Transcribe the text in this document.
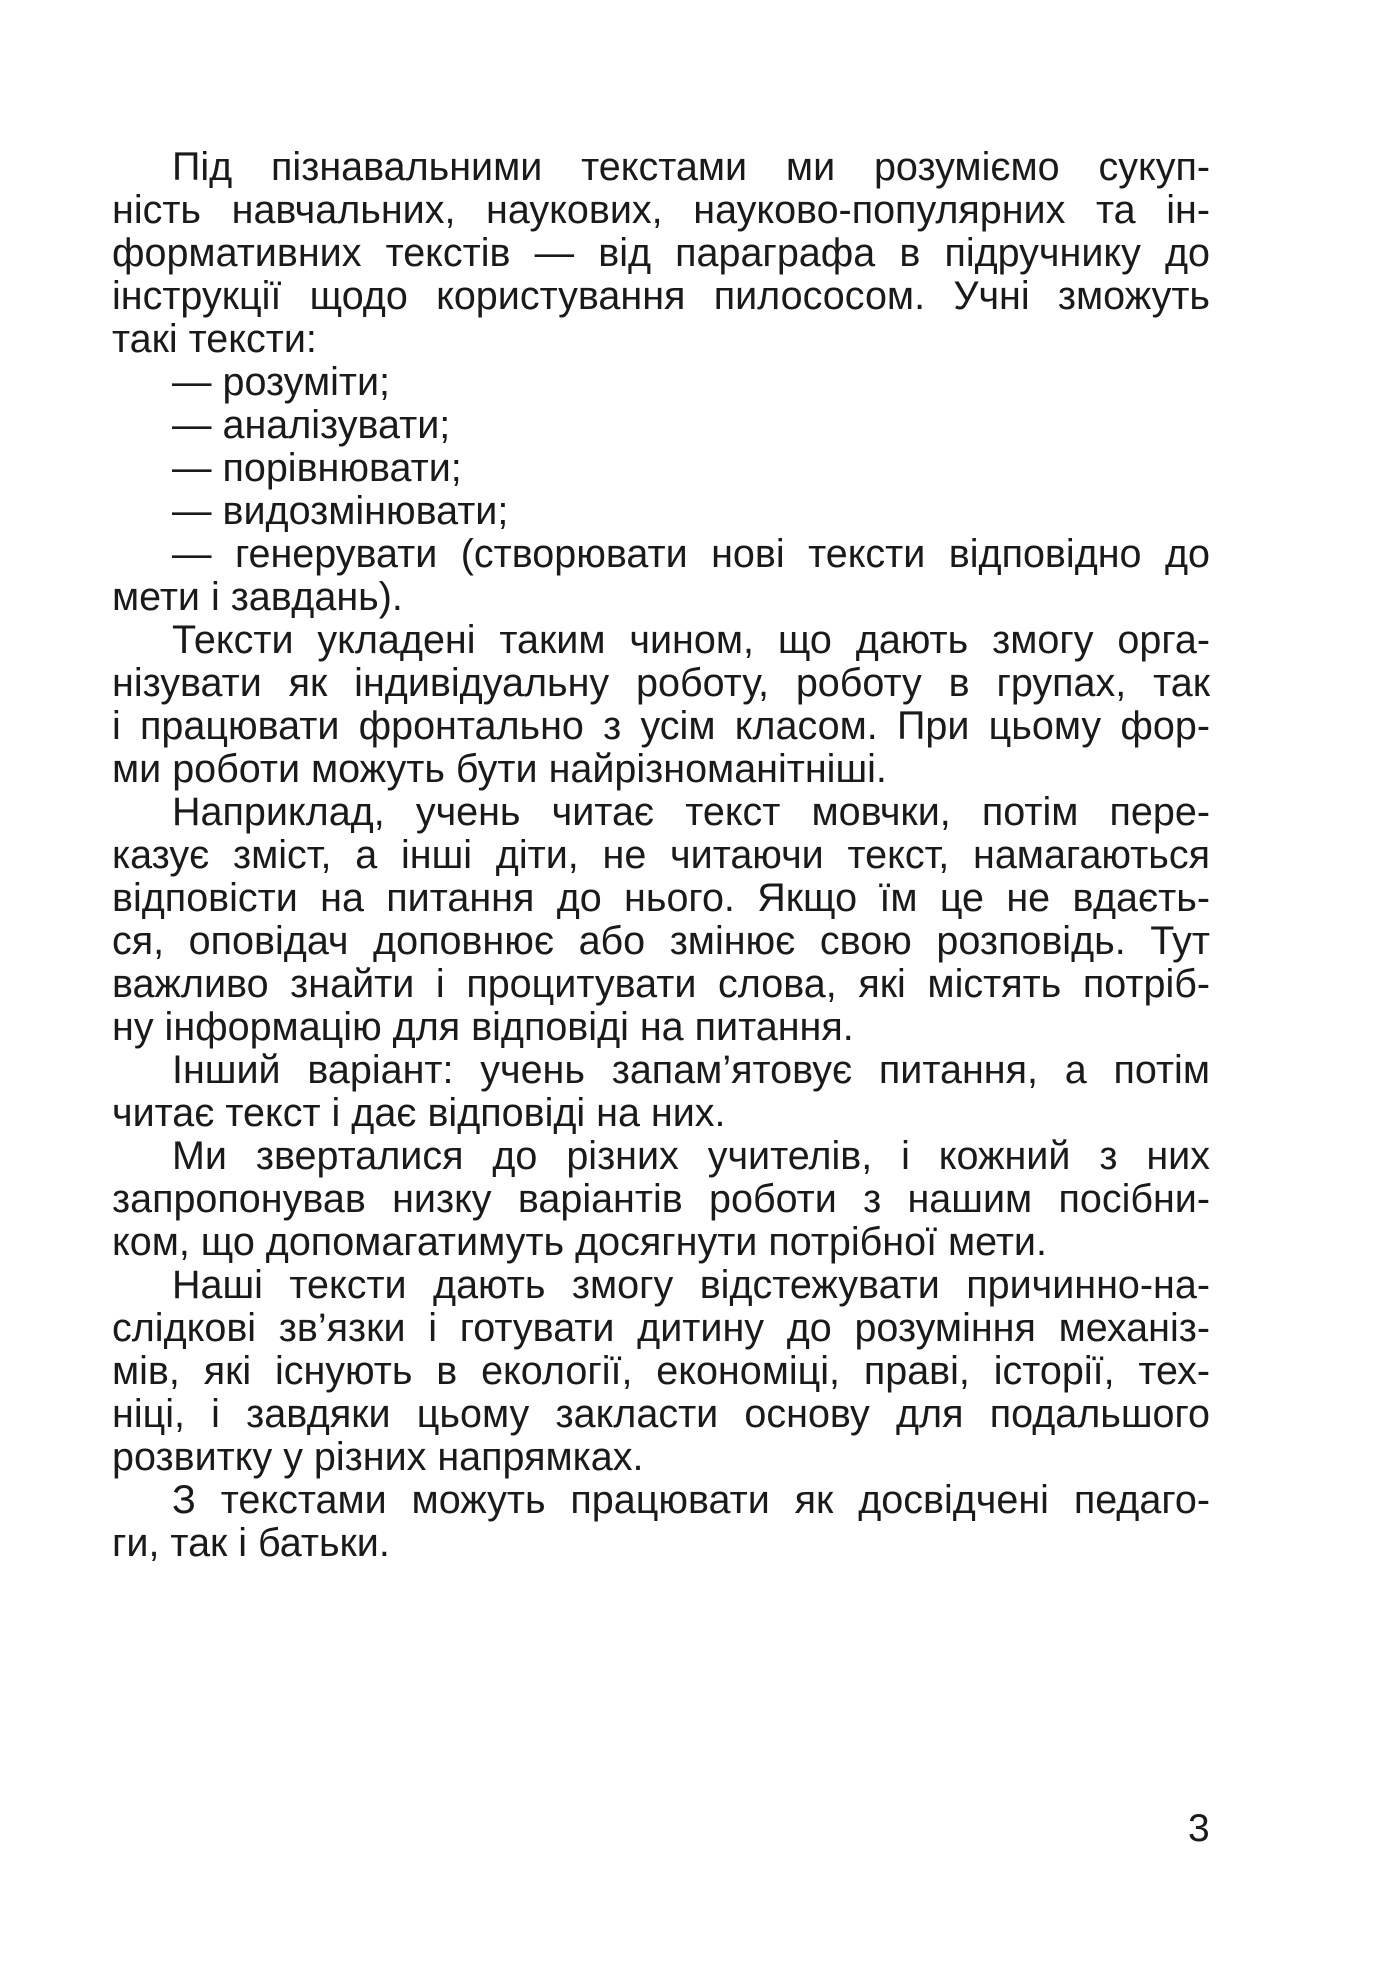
Під пізнавальними текстами ми розуміємо сукуп-
ність навчальних, наукових, науково-популярних та ін-
формативних текстів — від параграфа в підручнику до
інструкції щодо користування пилососом. Учні зможуть
такі тексти:
— розуміти;
— аналізувати;
— порівнювати;
— видозмінювати;
— генерувати (створювати нові тексти відповідно до
мети і завдань).
Тексти укладені таким чином, що дають змогу орга-
нізувати як індивідуальну роботу, роботу в групах, так
і працювати фронтально з усім класом. При цьому фор-
ми роботи можуть бути найрізноманітніші.
Наприклад, учень читає текст мовчки, потім пере-
казує зміст, а інші діти, не читаючи текст, намагаються
відповісти на питання до нього. Якщо їм це не вдаєть-
ся, оповідач доповнює або змінює свою розповідь. Тут
важливо знайти і процитувати слова, які містять потріб-
ну інформацію для відповіді на питання.
Інший варіант: учень запам’ятовує питання, а потім
читає текст і дає відповіді на них.
Ми зверталися до різних учителів, і кожний з них
запропонував низку варіантів роботи з нашим посібни-
ком, що допомагатимуть досягнути потрібної мети.
Наші тексти дають змогу відстежувати причинно-на-
слідкові зв’язки і готувати дитину до розуміння механіз-
мів, які існують в екології, економіці, праві, історії, тех-
ніці, і завдяки цьому закласти основу для подальшого
розвитку у різних напрямках.
З текстами можуть працювати як досвідчені педаго-
ги, так і батьки.
3
